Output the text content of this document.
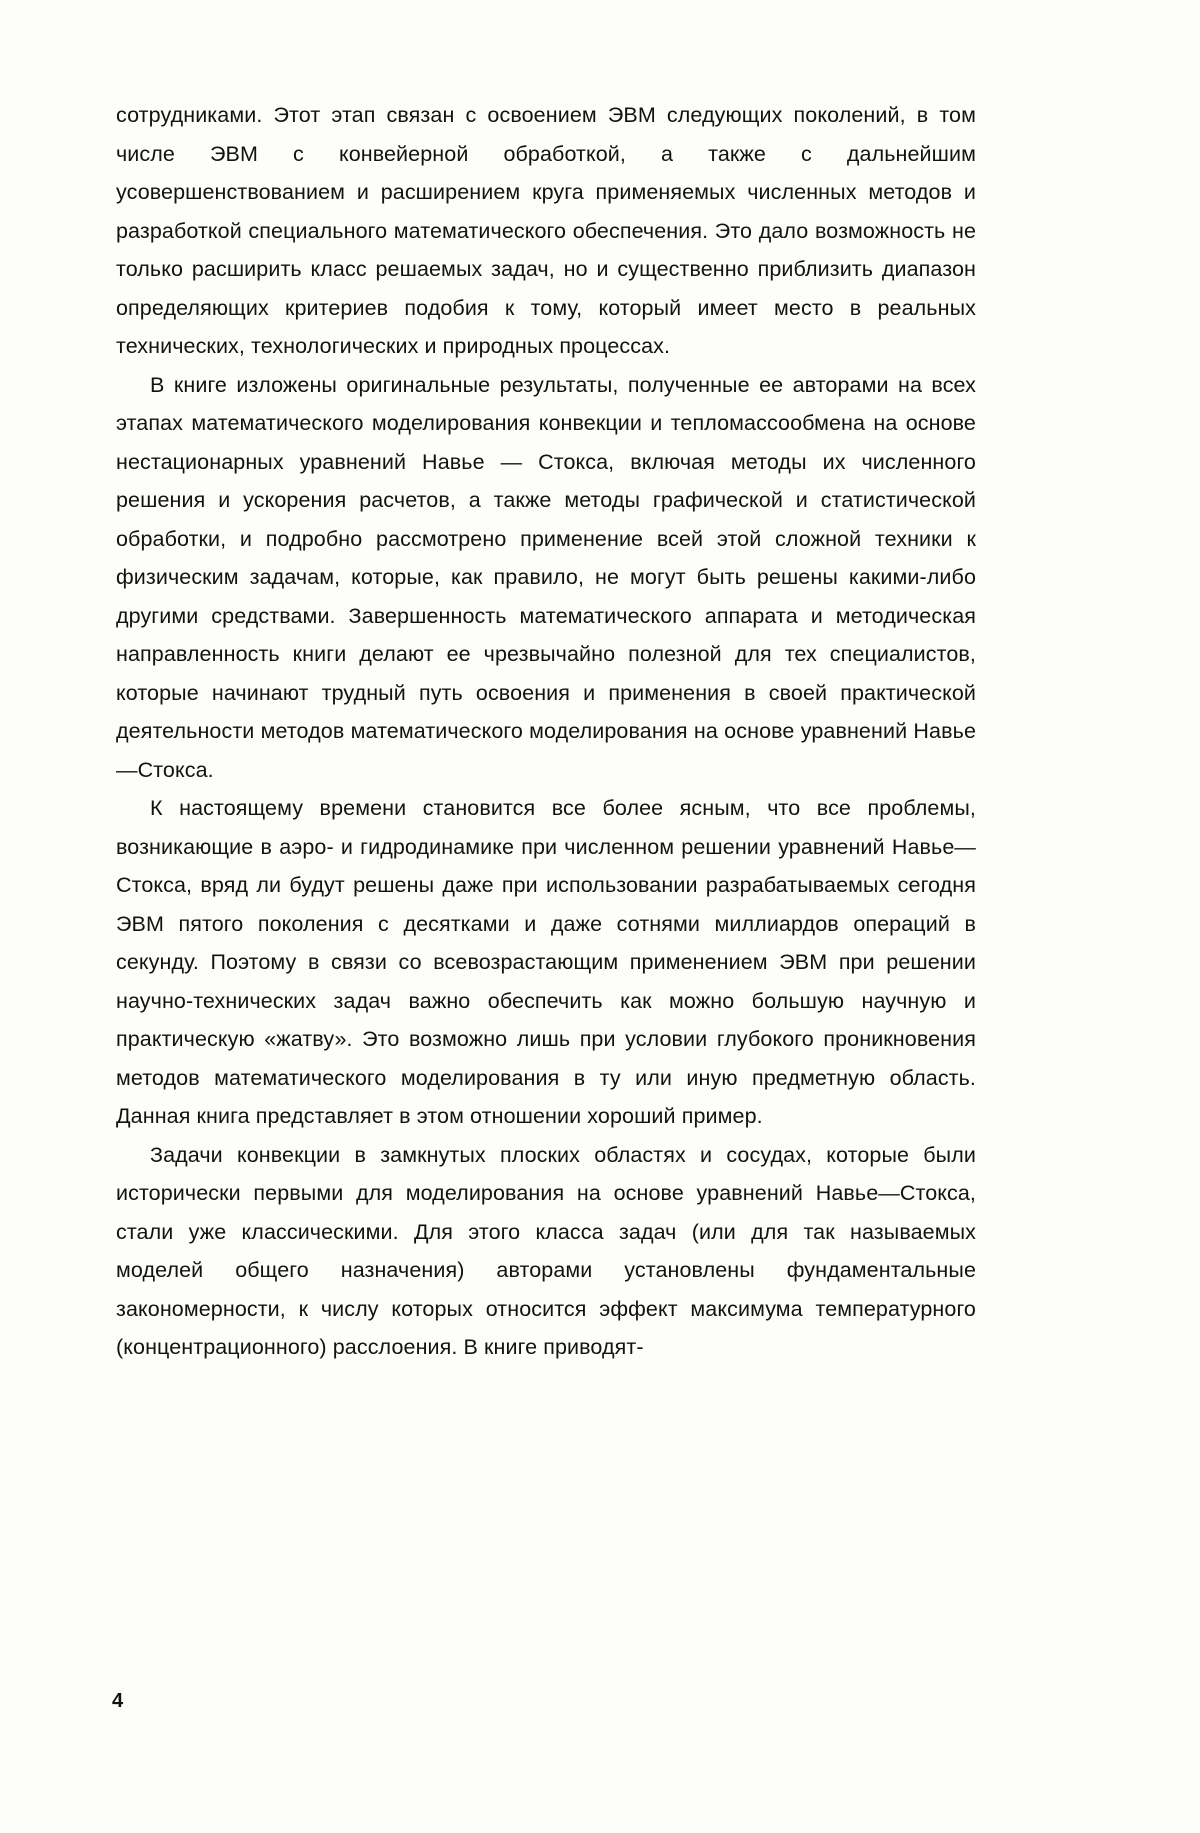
сотрудниками. Этот этап связан с освоением ЭВМ следующих поколений, в том числе ЭВМ с конвейерной обработкой, а также с дальнейшим усовершенствованием и расширением круга применяемых численных методов и разработкой специального математического обеспечения. Это дало возможность не только расширить класс решаемых задач, но и существенно приблизить диапазон определяющих критериев подобия к тому, который имеет место в реальных технических, технологических и природных процессах.

В книге изложены оригинальные результаты, полученные ее авторами на всех этапах математического моделирования конвекции и тепломассообмена на основе нестационарных уравнений Навье — Стокса, включая методы их численного решения и ускорения расчетов, а также методы графической и статистической обработки, и подробно рассмотрено применение всей этой сложной техники к физическим задачам, которые, как правило, не могут быть решены какими-либо другими средствами. Завершенность математического аппарата и методическая направленность книги делают ее чрезвычайно полезной для тех специалистов, которые начинают трудный путь освоения и применения в своей практической деятельности методов математического моделирования на основе уравнений Навье—Стокса.

К настоящему времени становится все более ясным, что все проблемы, возникающие в аэро- и гидродинамике при численном решении уравнений Навье—Стокса, вряд ли будут решены даже при использовании разрабатываемых сегодня ЭВМ пятого поколения с десятками и даже сотнями миллиардов операций в секунду. Поэтому в связи со всевозрастающим применением ЭВМ при решении научно-технических задач важно обеспечить как можно большую научную и практическую «жатву». Это возможно лишь при условии глубокого проникновения методов математического моделирования в ту или иную предметную область. Данная книга представляет в этом отношении хороший пример.

Задачи конвекции в замкнутых плоских областях и сосудах, которые были исторически первыми для моделирования на основе уравнений Навье—Стокса, стали уже классическими. Для этого класса задач (или для так называемых моделей общего назначения) авторами установлены фундаментальные закономерности, к числу которых относится эффект максимума температурного (концентрационного) расслоения. В книге приводят-

4
